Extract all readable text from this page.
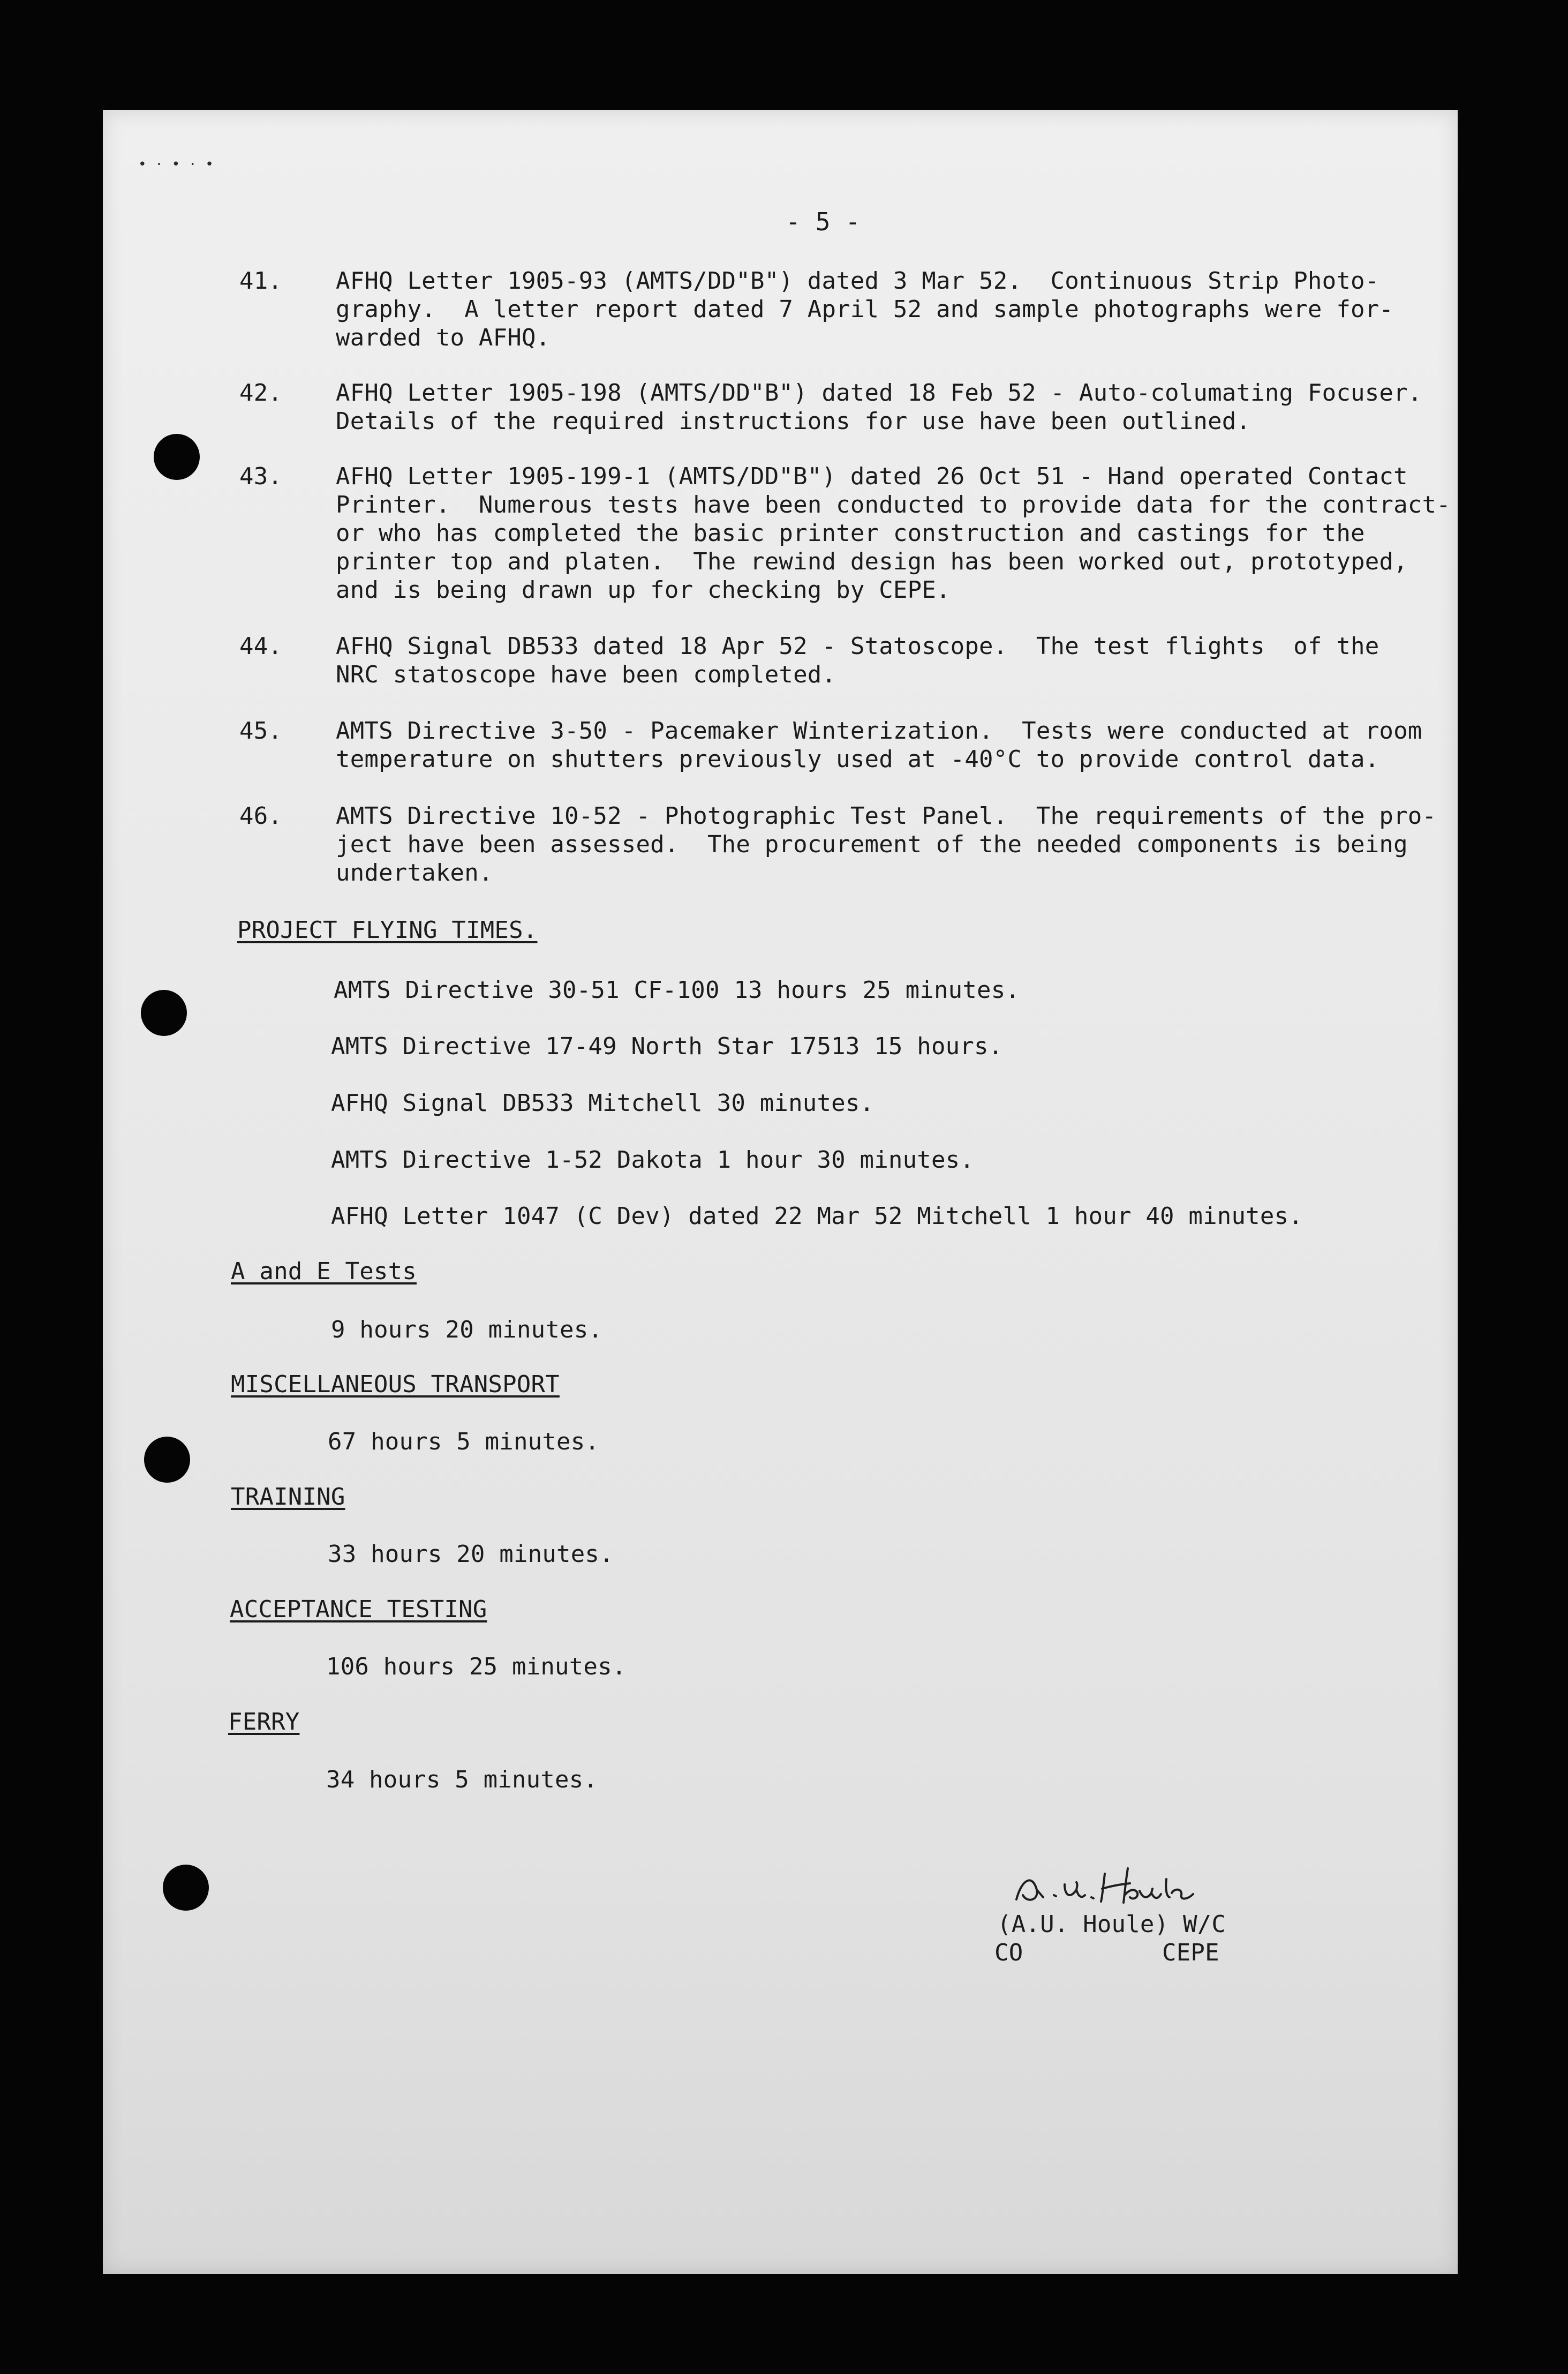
• · • · •
- 5 -
41. AFHQ Letter 1905-93 (AMTS/DD"B") dated 3 Mar 52.  Continuous Strip Photo-
graphy.  A letter report dated 7 April 52 and sample photographs were for-
warded to AFHQ.
42. AFHQ Letter 1905-198 (AMTS/DD"B") dated 18 Feb 52 - Auto-columating Focuser.
Details of the required instructions for use have been outlined.
43. AFHQ Letter 1905-199-1 (AMTS/DD"B") dated 26 Oct 51 - Hand operated Contact
Printer.  Numerous tests have been conducted to provide data for the contract-
or who has completed the basic printer construction and castings for the
printer top and platen.  The rewind design has been worked out, prototyped,
and is being drawn up for checking by CEPE.
44. AFHQ Signal DB533 dated 18 Apr 52 - Statoscope.  The test flights  of the
NRC statoscope have been completed.
45. AMTS Directive 3-50 - Pacemaker Winterization.  Tests were conducted at room
temperature on shutters previously used at -40°C to provide control data.
46. AMTS Directive 10-52 - Photographic Test Panel.  The requirements of the pro-
ject have been assessed.  The procurement of the needed components is being
undertaken.
PROJECT FLYING TIMES.
AMTS Directive 30-51 CF-100 13 hours 25 minutes.
AMTS Directive 17-49 North Star 17513 15 hours.
AFHQ Signal DB533 Mitchell 30 minutes.
AMTS Directive 1-52 Dakota 1 hour 30 minutes.
AFHQ Letter 1047 (C Dev) dated 22 Mar 52 Mitchell 1 hour 40 minutes.
A and E Tests
9 hours 20 minutes.
MISCELLANEOUS TRANSPORT
67 hours 5 minutes.
TRAINING
33 hours 20 minutes.
ACCEPTANCE TESTING
106 hours 25 minutes.
FERRY
34 hours 5 minutes.
(A.U. Houle) W/C
CO	CEPE
